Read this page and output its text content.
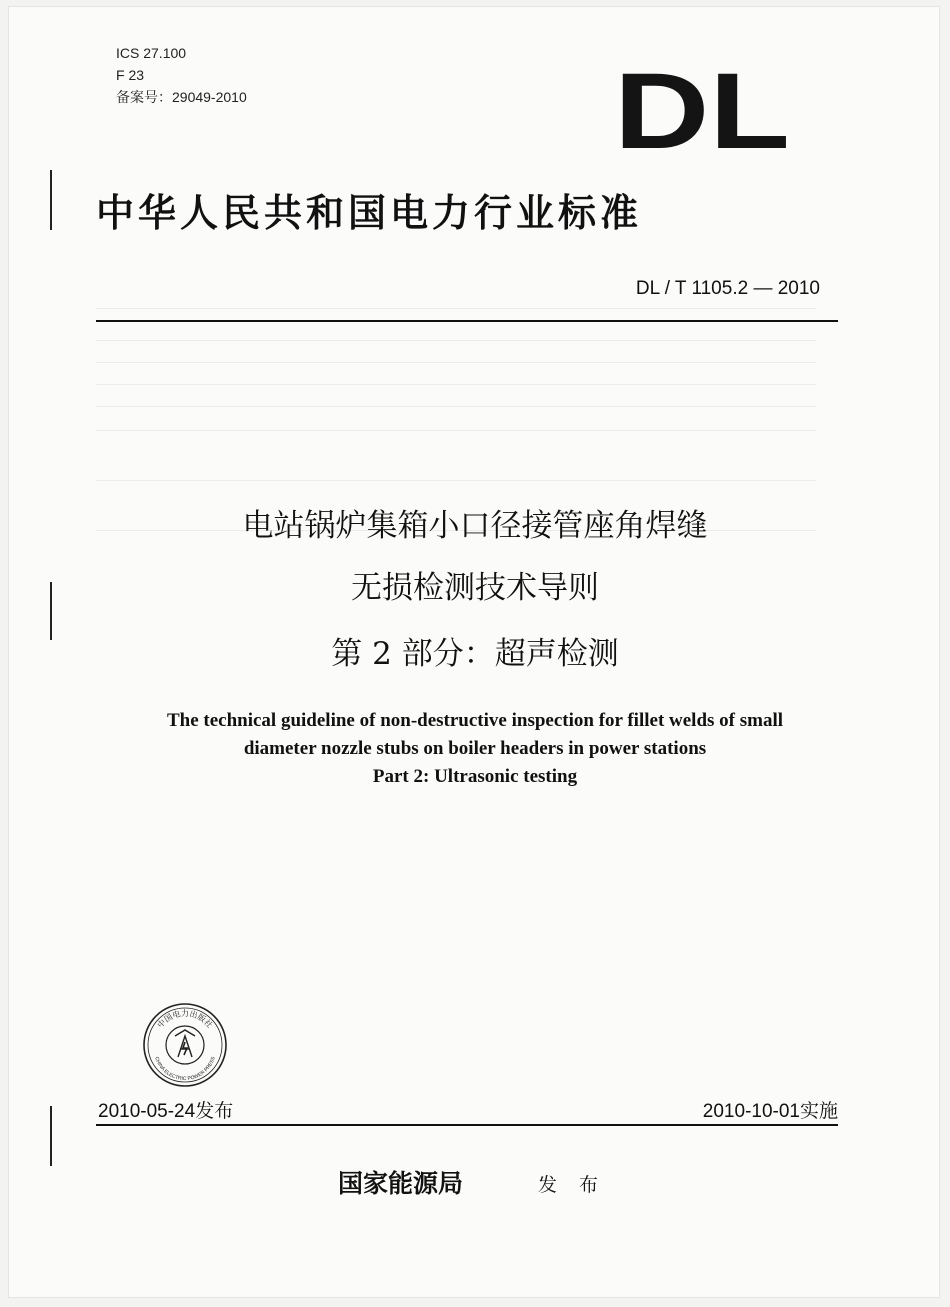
ICS 27.100
F 23
备案号：29049-2010	DL
中华人民共和国电力行业标准
DL / T 1105.2 — 2010
电站锅炉集箱小口径接管座角焊缝
无损检测技术导则
第 2 部分：超声检测
The technical guideline of non-destructive inspection for fillet welds of small
diameter nozzle stubs on boiler headers in power stations
Part 2: Ultrasonic testing
中国电力出版社
CHINA ELECTRIC POWER PRESS
2010-05-24发布	2010-10-01实施
国家能源局	发 布
